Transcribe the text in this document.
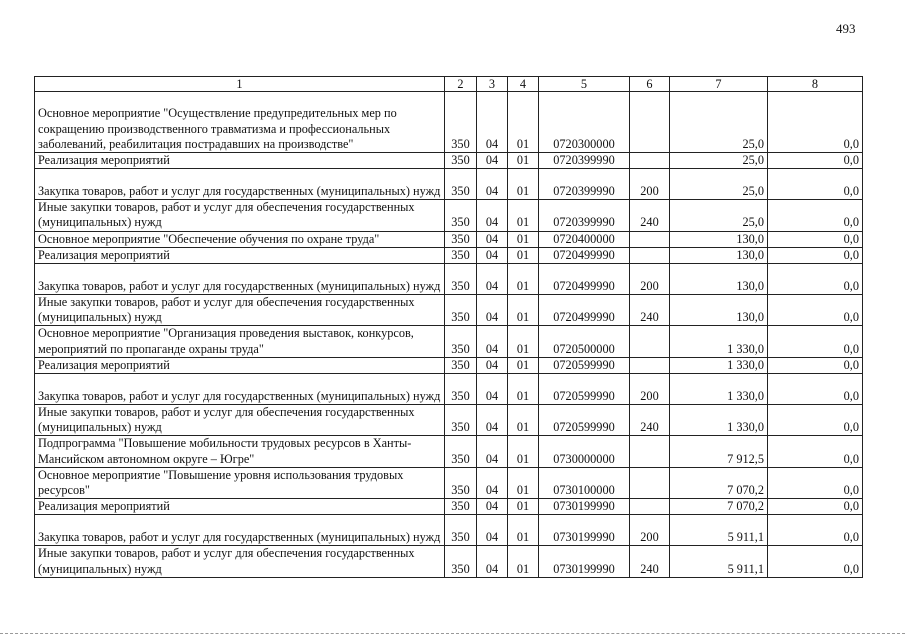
493
1	2	3	4	5	6	7	8
Основное мероприятие "Осуществление предупредительных мер по сокращению производственного травматизма и профессиональных заболеваний, реабилитация пострадавших на производстве"	350	04	01	0720300000		25,0	0,0
Реализация мероприятий	350	04	01	0720399990		25,0	0,0
Закупка товаров, работ и услуг для государственных (муниципальных) нужд	350	04	01	0720399990	200	25,0	0,0
Иные закупки товаров, работ и услуг для обеспечения государственных (муниципальных) нужд	350	04	01	0720399990	240	25,0	0,0
Основное мероприятие "Обеспечение обучения по охране труда"	350	04	01	0720400000		130,0	0,0
Реализация мероприятий	350	04	01	0720499990		130,0	0,0
Закупка товаров, работ и услуг для государственных (муниципальных) нужд	350	04	01	0720499990	200	130,0	0,0
Иные закупки товаров, работ и услуг для обеспечения государственных (муниципальных) нужд	350	04	01	0720499990	240	130,0	0,0
Основное мероприятие "Организация проведения выставок, конкурсов, мероприятий по пропаганде охраны труда"	350	04	01	0720500000		1 330,0	0,0
Реализация мероприятий	350	04	01	0720599990		1 330,0	0,0
Закупка товаров, работ и услуг для государственных (муниципальных) нужд	350	04	01	0720599990	200	1 330,0	0,0
Иные закупки товаров, работ и услуг для обеспечения государственных (муниципальных) нужд	350	04	01	0720599990	240	1 330,0	0,0
Подпрограмма "Повышение мобильности трудовых ресурсов в Ханты-Мансийском автономном округе – Югре"	350	04	01	0730000000		7 912,5	0,0
Основное мероприятие "Повышение уровня использования трудовых ресурсов"	350	04	01	0730100000		7 070,2	0,0
Реализация мероприятий	350	04	01	0730199990		7 070,2	0,0
Закупка товаров, работ и услуг для государственных (муниципальных) нужд	350	04	01	0730199990	200	5 911,1	0,0
Иные закупки товаров, работ и услуг для обеспечения государственных (муниципальных) нужд	350	04	01	0730199990	240	5 911,1	0,0
